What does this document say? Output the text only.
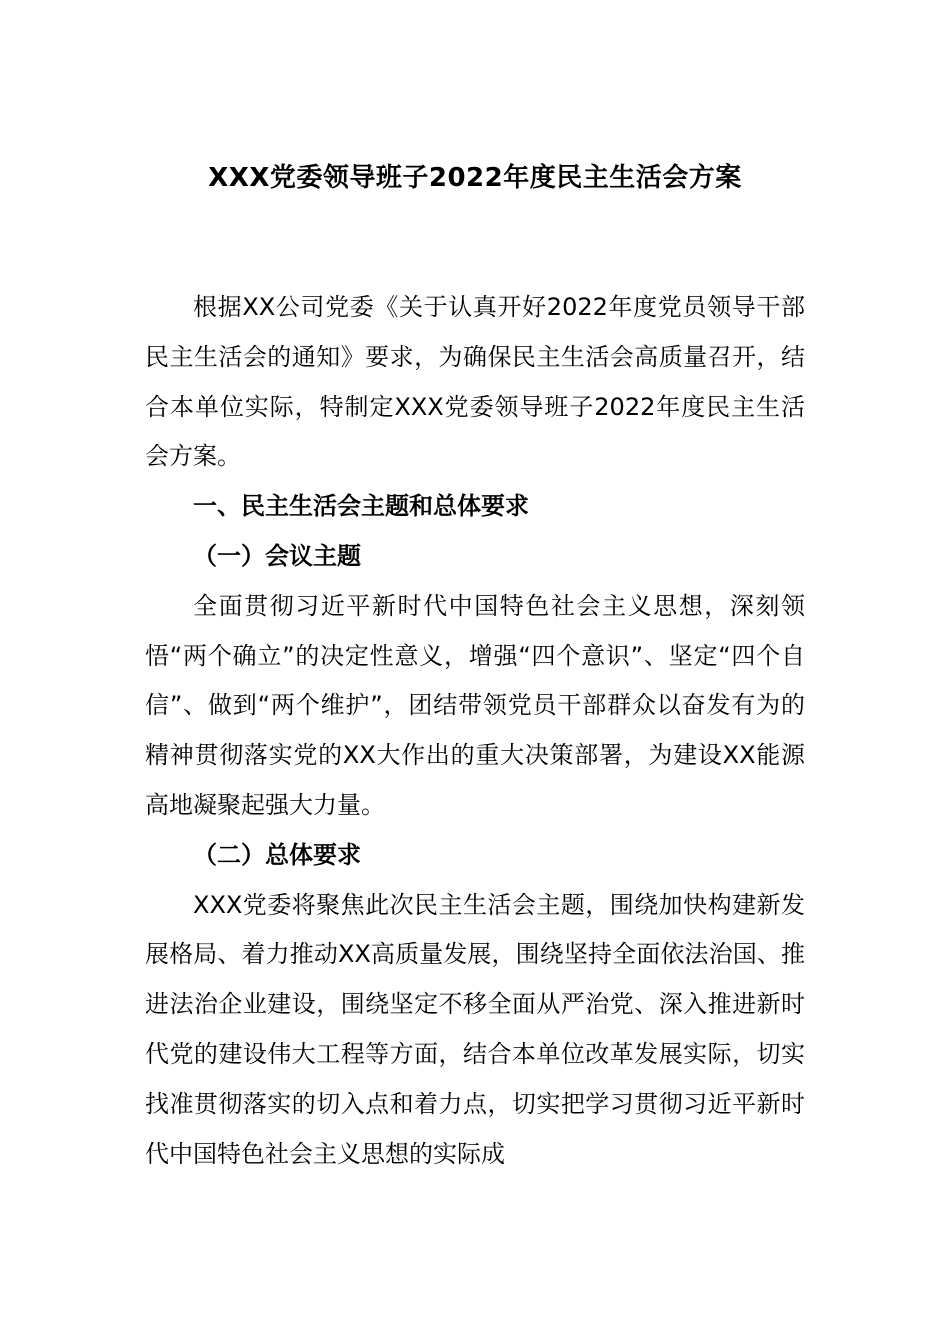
XXX党委领导班子2022年度民主生活会方案

根据XX公司党委《关于认真开好2022年度党员领导干部民主生活会的通知》要求，为确保民主生活会高质量召开，结合本单位实际，特制定XXX党委领导班子2022年度民主生活会方案。

一、民主生活会主题和总体要求

（一）会议主题

全面贯彻习近平新时代中国特色社会主义思想，深刻领悟“两个确立”的决定性意义，增强“四个意识”、坚定“四个自信”、做到“两个维护”，团结带领党员干部群众以奋发有为的精神贯彻落实党的XX大作出的重大决策部署，为建设XX能源高地凝聚起强大力量。

（二）总体要求

XXX党委将聚焦此次民主生活会主题，围绕加快构建新发展格局、着力推动XX高质量发展，围绕坚持全面依法治国、推进法治企业建设，围绕坚定不移全面从严治党、深入推进新时代党的建设伟大工程等方面，结合本单位改革发展实际，切实找准贯彻落实的切入点和着力点，切实把学习贯彻习近平新时代中国特色社会主义思想的实际成
